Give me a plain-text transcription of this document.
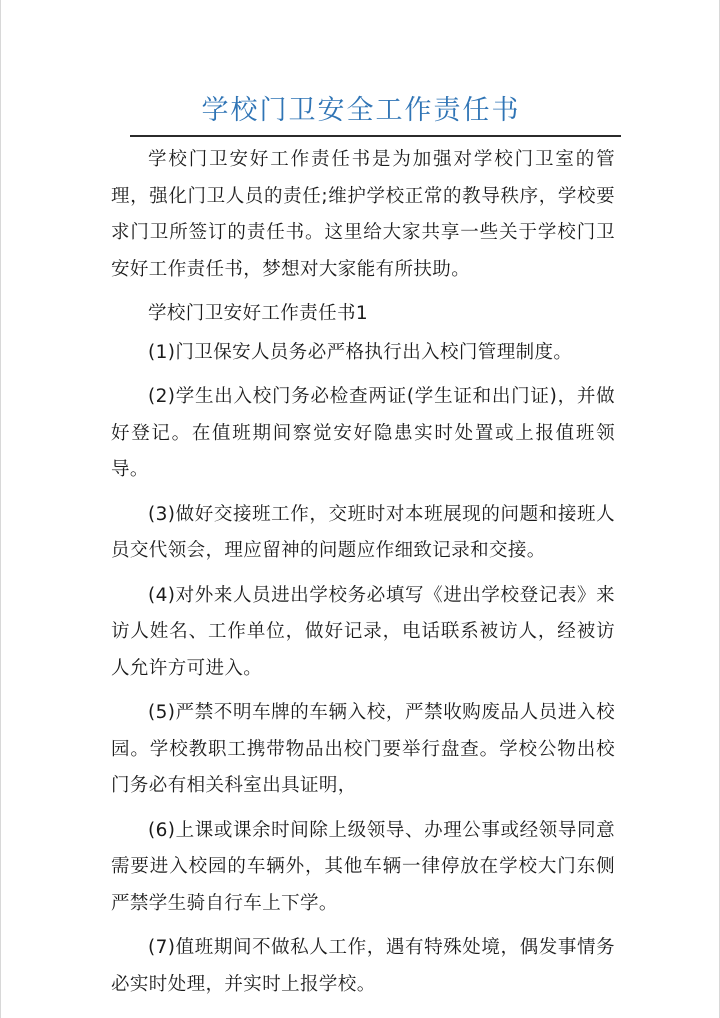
学校门卫安全工作责任书

学校门卫安好工作责任书是为加强对学校门卫室的管理，强化门卫人员的责任;维护学校正常的教导秩序，学校要求门卫所签订的责任书。这里给大家共享一些关于学校门卫安好工作责任书，梦想对大家能有所扶助。

学校门卫安好工作责任书1

(1)门卫保安人员务必严格执行出入校门管理制度。

(2)学生出入校门务必检查两证(学生证和出门证)，并做好登记。在值班期间察觉安好隐患实时处置或上报值班领导。

(3)做好交接班工作，交班时对本班展现的问题和接班人员交代领会，理应留神的问题应作细致记录和交接。

(4)对外来人员进出学校务必填写《进出学校登记表》来访人姓名、工作单位，做好记录，电话联系被访人，经被访人允许方可进入。

(5)严禁不明车牌的车辆入校，严禁收购废品人员进入校园。学校教职工携带物品出校门要举行盘查。学校公物出校门务必有相关科室出具证明，

(6)上课或课余时间除上级领导、办理公事或经领导同意需要进入校园的车辆外，其他车辆一律停放在学校大门东侧严禁学生骑自行车上下学。

(7)值班期间不做私人工作，遇有特殊处境，偶发事情务必实时处理，并实时上报学校。
